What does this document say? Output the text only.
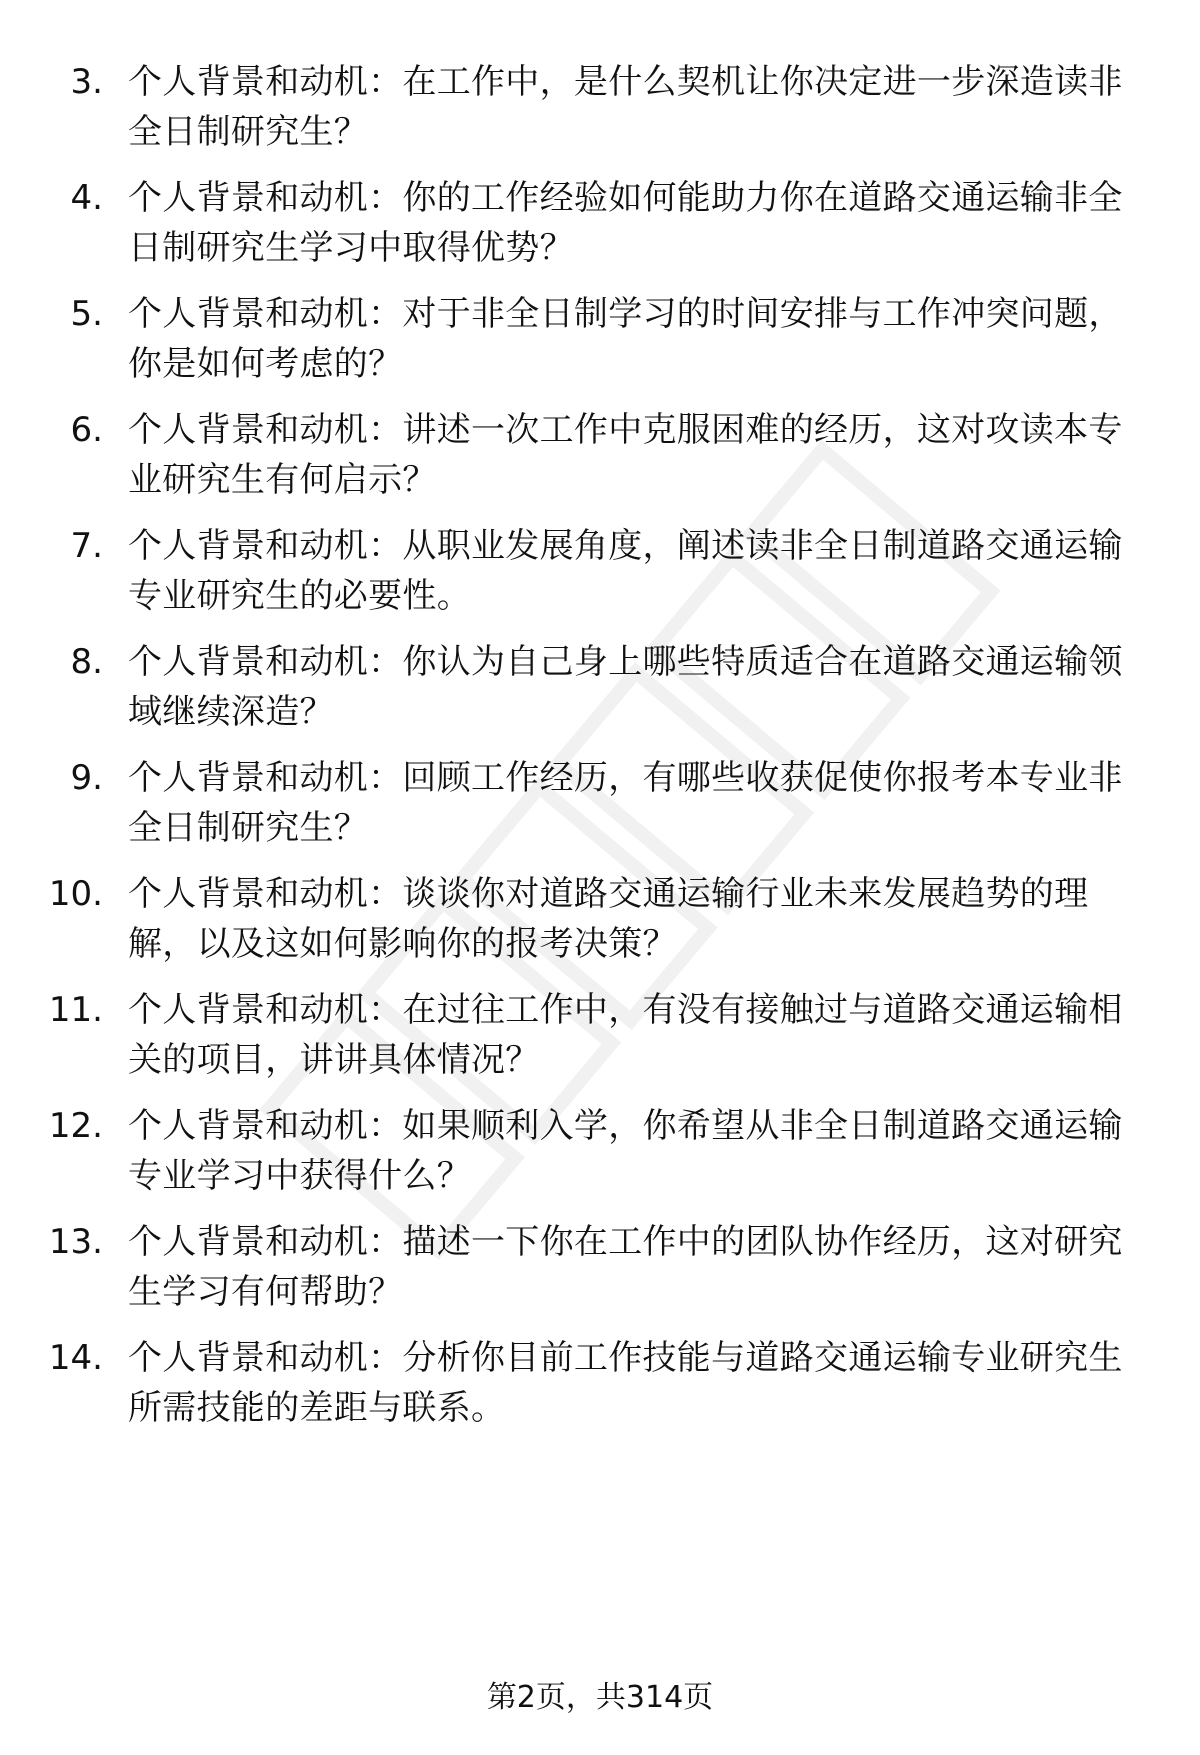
3. 个人背景和动机：在工作中，是什么契机让你决定进一步深造读非全日制研究生？
4. 个人背景和动机：你的工作经验如何能助力你在道路交通运输非全日制研究生学习中取得优势？
5. 个人背景和动机：对于非全日制学习的时间安排与工作冲突问题，你是如何考虑的？
6. 个人背景和动机：讲述一次工作中克服困难的经历，这对攻读本专业研究生有何启示？
7. 个人背景和动机：从职业发展角度，阐述读非全日制道路交通运输专业研究生的必要性。
8. 个人背景和动机：你认为自己身上哪些特质适合在道路交通运输领域继续深造？
9. 个人背景和动机：回顾工作经历，有哪些收获促使你报考本专业非全日制研究生？
10. 个人背景和动机：谈谈你对道路交通运输行业未来发展趋势的理解，以及这如何影响你的报考决策？
11. 个人背景和动机：在过往工作中，有没有接触过与道路交通运输相关的项目，讲讲具体情况？
12. 个人背景和动机：如果顺利入学，你希望从非全日制道路交通运输专业学习中获得什么？
13. 个人背景和动机：描述一下你在工作中的团队协作经历，这对研究生学习有何帮助？
14. 个人背景和动机：分析你目前工作技能与道路交通运输专业研究生所需技能的差距与联系。
第2页，共314页
